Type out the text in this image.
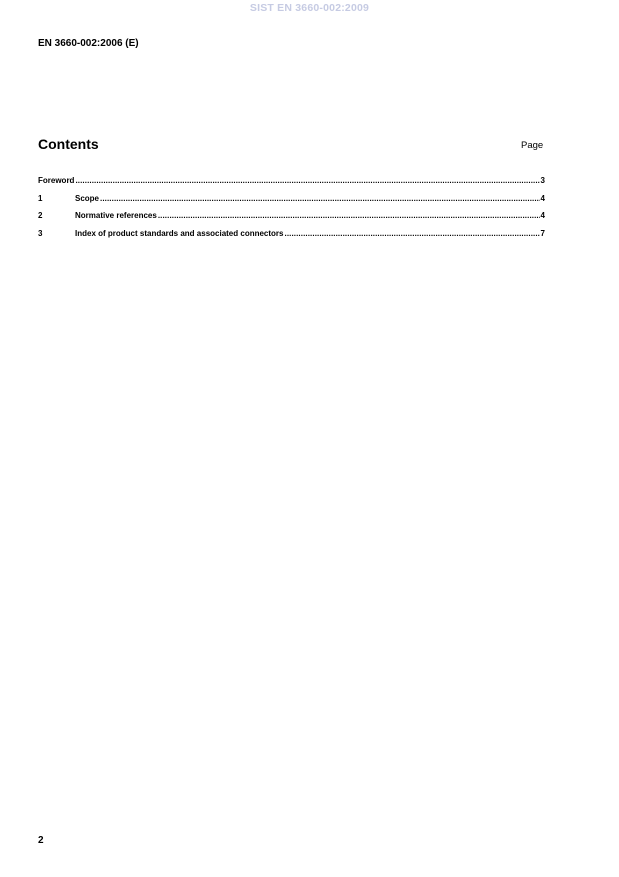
SIST EN 3660-002:2009
EN 3660-002:2006 (E)
Contents	Page
Foreword .....	3
1	Scope .....	4
2	Normative references .....	4
3	Index of product standards and associated connectors .....	7
2
